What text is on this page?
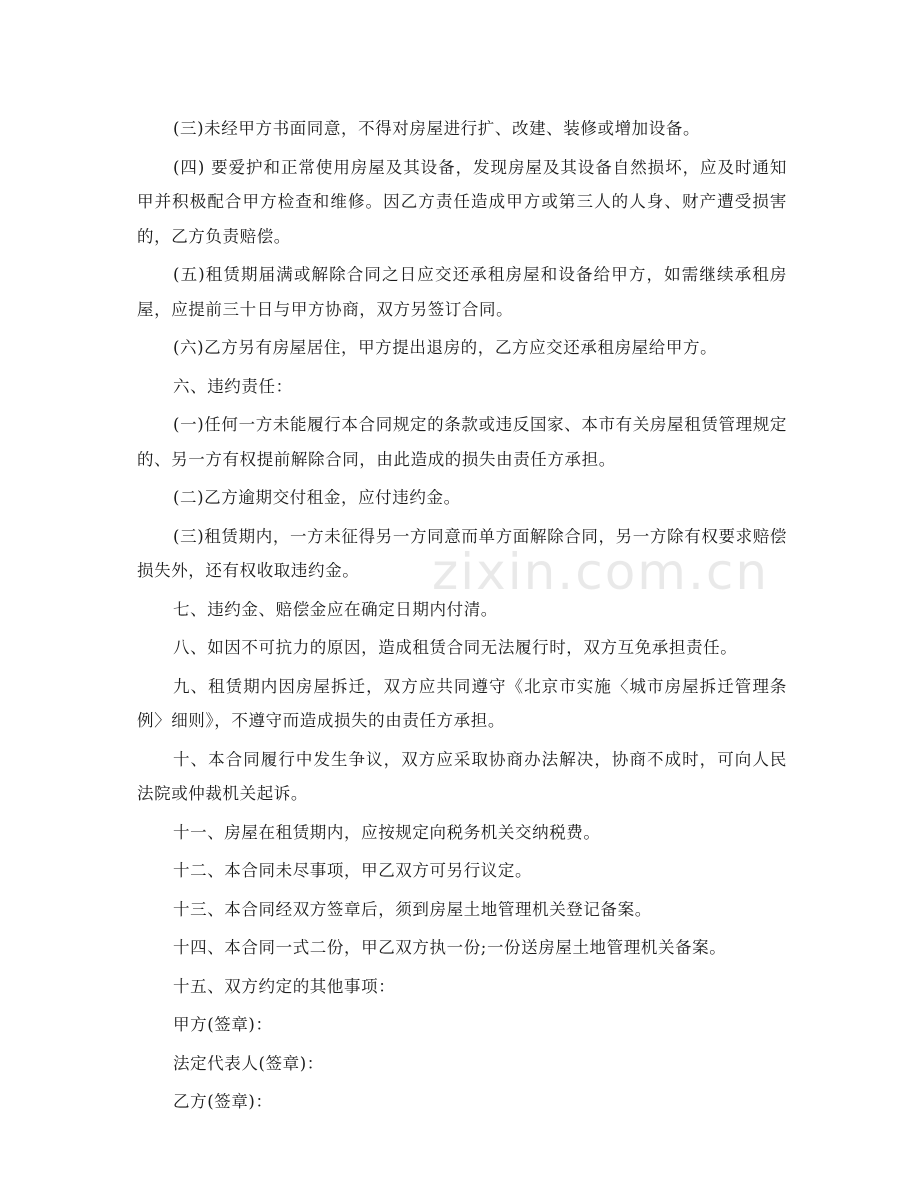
(三)未经甲方书面同意，不得对房屋进行扩、改建、装修或增加设备。

(四) 要爱护和正常使用房屋及其设备，发现房屋及其设备自然损坏，应及时通知甲并积极配合甲方检查和维修。因乙方责任造成甲方或第三人的人身、财产遭受损害的，乙方负责赔偿。

(五)租赁期届满或解除合同之日应交还承租房屋和设备给甲方，如需继续承租房屋，应提前三十日与甲方协商，双方另签订合同。

(六)乙方另有房屋居住，甲方提出退房的，乙方应交还承租房屋给甲方。

六、违约责任：

(一)任何一方未能履行本合同规定的条款或违反国家、本市有关房屋租赁管理规定的、另一方有权提前解除合同，由此造成的损失由责任方承担。

(二)乙方逾期交付租金，应付违约金。

(三)租赁期内，一方未征得另一方同意而单方面解除合同，另一方除有权要求赔偿损失外，还有权收取违约金。

七、违约金、赔偿金应在确定日期内付清。

八、如因不可抗力的原因，造成租赁合同无法履行时，双方互免承担责任。

九、租赁期内因房屋拆迁，双方应共同遵守《北京市实施〈城市房屋拆迁管理条例〉细则》，不遵守而造成损失的由责任方承担。

十、本合同履行中发生争议，双方应采取协商办法解决，协商不成时，可向人民法院或仲裁机关起诉。

十一、房屋在租赁期内，应按规定向税务机关交纳税费。

十二、本合同未尽事项，甲乙双方可另行议定。

十三、本合同经双方签章后，须到房屋土地管理机关登记备案。

十四、本合同一式二份，甲乙双方执一份;一份送房屋土地管理机关备案。

十五、双方约定的其他事项：

甲方(签章)：

法定代表人(签章)：

乙方(签章)：

zixin.com.cn
